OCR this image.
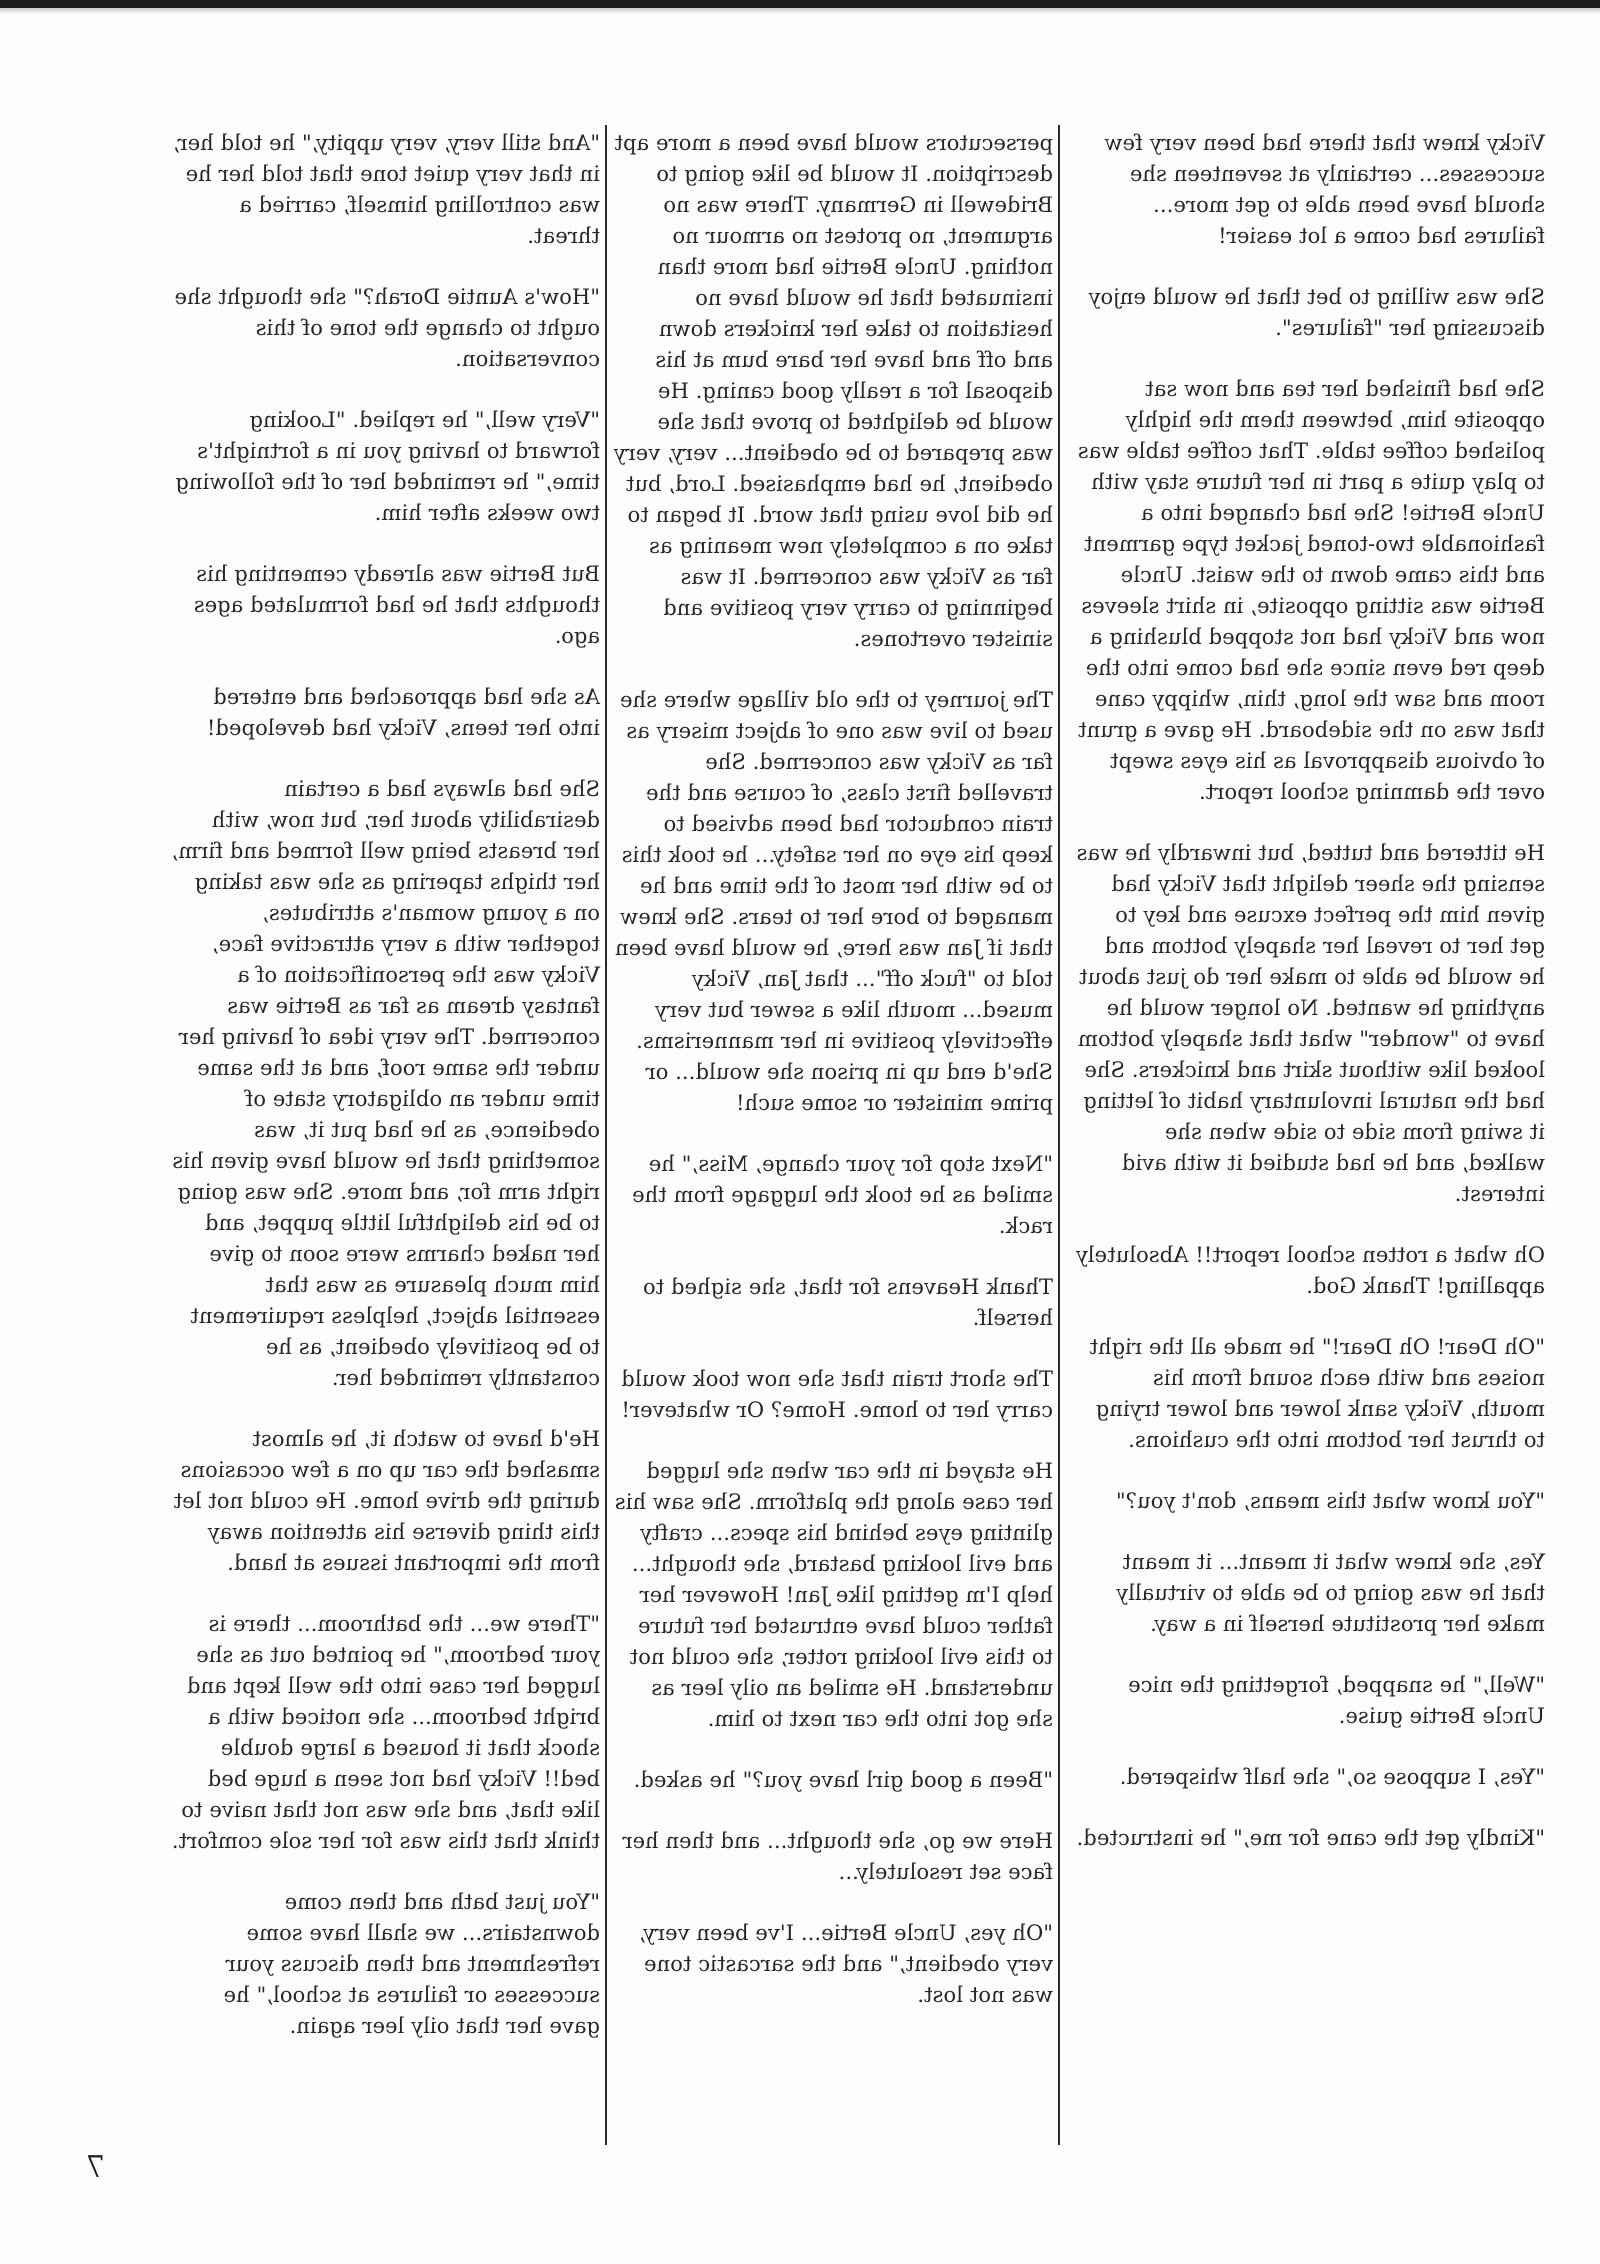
persecutors would have been a more apt description. It would be like going to Bridewell in Germany. There was no argument, no protest no armour no nothing. Uncle Bertie had more than insinuated that he would have no hesitation to take her knickers down and off and have her bare bum at his disposal for a really good caning. He would be delighted to prove that she was prepared to be obedient... very, very obedient, he had emphasised. Lord, but he did love using that word. It began to take on a completely new meaning as far as Vicky was concerned. It was beginning to carry very positive and sinister overtones.

The journey to the old village where she used to live was one of abject misery as far as Vicky was concerned. She travelled first class, of course and the train conductor had been advised to keep his eye on her safety... he took this to be with her most of the time and he managed to bore her to tears. She knew that if Jan was here, he would have been told to "fuck off"... that Jan, Vicky mused... mouth like a sewer but very effectively positive in her mannerisms. She'd end up in prison she would... or prime minister or some such!

"Next stop for your change, Miss," he smiled as he took the luggage from the rack.

Thank Heavens for that, she sighed to herself.

The short train that she now took would carry her to home. Home? Or whatever!

He stayed in the car when she lugged her case along the platform. She saw his glinting eyes behind his specs... crafty and evil looking bastard, she thought... help I'm getting like Jan! However her father could have entrusted her future to this evil looking rotter, she could not understand. He smiled an oily leer as she got into the car next to him.

"Been a good girl have you?" he asked.

Here we go, she thought... and then her face set resolutely...

"Oh yes, Uncle Bertie... I've been very, very obedient," and the sarcastic tone was not lost.

"And still very, very uppity," he told her, in that very quiet tone that told her he was controlling himself, carried a threat.

"How's Auntie Dorah?" she thought she ought to change the tone of this conversation.

"Very well," he replied. "Looking forward to having you in a fortnight's time," he reminded her of the following two weeks after him.

But Bertie was already cementing his thoughts that he had formulated ages ago.

As she had approached and entered into her teens, Vicky had developed!

She had always had a certain desirability about her, but now, with her breasts being well formed and firm, her thighs tapering as she was taking on a young woman's attributes, together with a very attractive face, Vicky was the personification of a fantasy dream as far as Bertie was concerned. The very idea of having her under the same roof, and at the same time under an obligatory state of obedience, as he had put it, was something that he would have given his right arm for, and more. She was going to be his delightful little puppet, and her naked charms were soon to give him much pleasure as was that essential abject, helpless requirement to be positively obedient, as he constantly reminded her.

He'd have to watch it, he almost smashed the car up on a few occasions during the drive home. He could not let this thing diverse his attention away from the important issues at hand.

"There we... the bathroom... there is your bedroom," he pointed out as she lugged her case into the well kept and bright bedroom... she noticed with a shock that it housed a large double bed!! Vicky had not seen a huge bed like that, and she was not that naive to think that this was for her sole comfort.

"You just bath and then come downstairs... we shall have some refreshment and then discuss your successes or failures at school," he gave her that oily leer again.

Vicky knew that there had been very few successes... certainly at seventeen she should have been able to get more... failures had come a lot easier!

She was willing to bet that he would enjoy discussing her "failures".

She had finished her tea and now sat opposite him, between them the highly polished coffee table. That coffee table was to play quite a part in her future stay with Uncle Bertie! She had changed into a fashionable two-toned jacket type garment and this came down to the waist. Uncle Bertie was sitting opposite, in shirt sleeves now and Vicky had not stopped blushing a deep red even since she had come into the room and saw the long, thin, whippy cane that was on the sideboard. He gave a grunt of obvious disapproval as his eyes swept over the damning school report.

He tittered and tutted, but inwardly he was sensing the sheer delight that Vicky had given him the perfect excuse and key to get her to reveal her shapely bottom and he would be able to make her do just about anything he wanted. No longer would he have to "wonder" what that shapely bottom looked like without skirt and knickers. She had the natural involuntary habit of letting it swing from side to side when she walked, and he had studied it with avid interest.

Oh what a rotten school report!! Absolutely appalling! Thank God.

"Oh Dear! Oh Dear!" he made all the right noises and with each sound from his mouth, Vicky sank lower and lower trying to thrust her bottom into the cushions.

"You know what this means, don't you?"

Yes, she knew what it meant... it meant that he was going to be able to virtually make her prostitute herself in a way.

"Well," he snapped, forgetting the nice Uncle Bertie guise.

"Yes, I suppose so," she half whispered.

"Kindly get the cane for me," he instructed.

7
